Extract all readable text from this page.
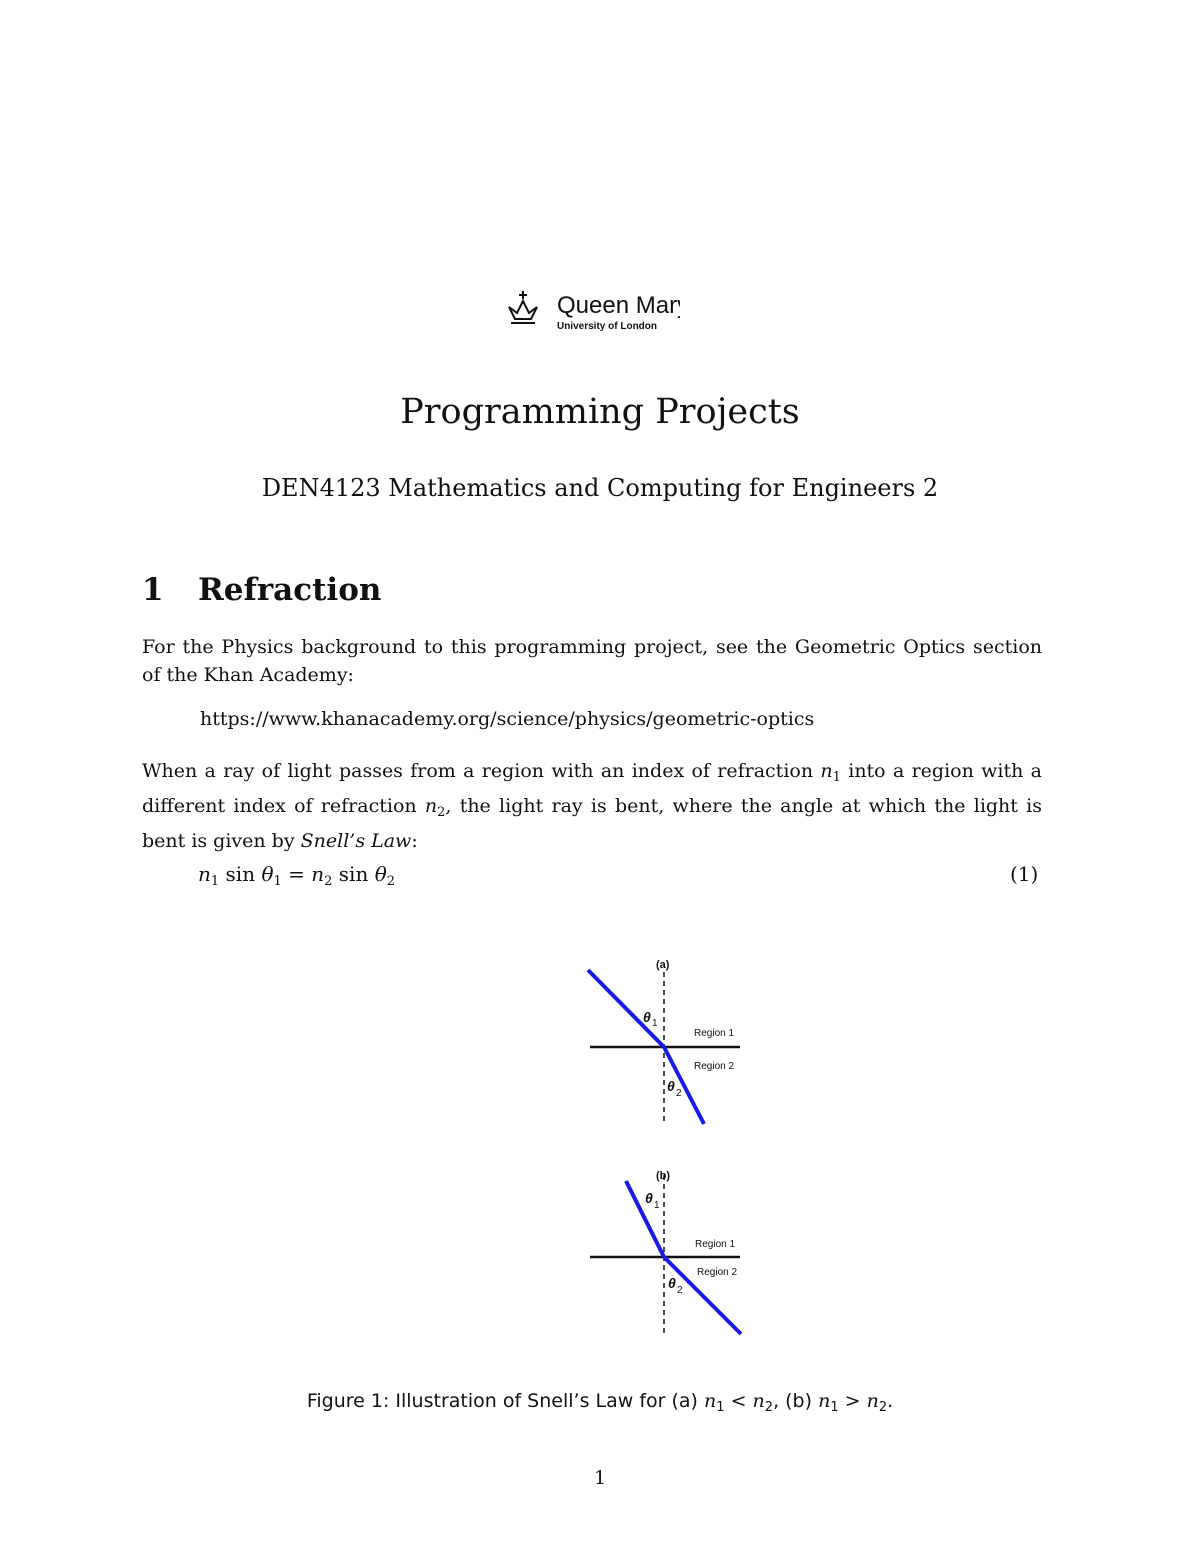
Queen Mary
University of London
Programming Projects

DEN4123 Mathematics and Computing for Engineers 2

1	Refraction

For the Physics background to this programming project, see the Geometric Optics section of the Khan Academy:

https://www.khanacademy.org/science/physics/geometric-optics

When a ray of light passes from a region with an index of refraction $n_1$ into a region with a different index of refraction $n_2$, the light ray is bent, where the angle at which the light is bent is given by Snell’s Law:

$n_1$ $\sin \theta_1 = n_2$ $\sin \theta_2$	(1)
(a)
θ 1
θ 2
Region 1
Region 2
(b)
θ 1
θ 2
Region 1
Region 2
Figure 1: Illustration of Snell’s Law for (a) $n_1 < n_2$, (b) $n_1 > n_2$.
1
